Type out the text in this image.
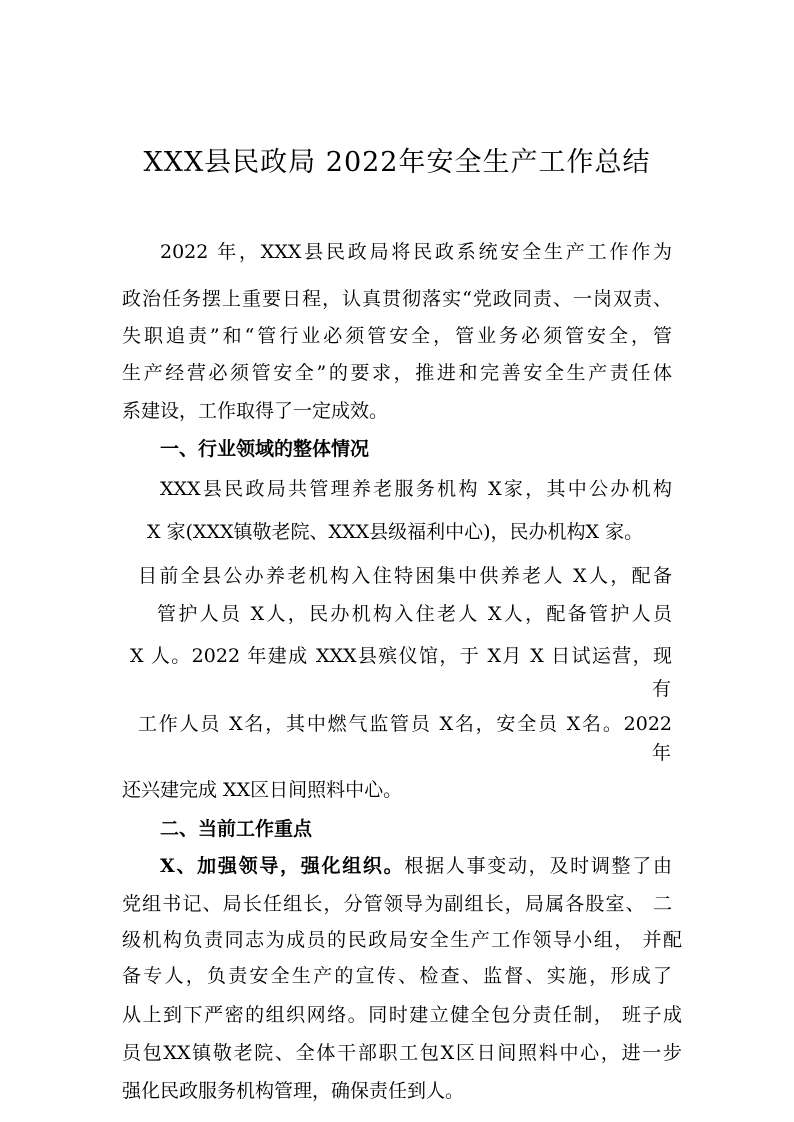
XXX县民政局 2022年安全生产工作总结
2022 年，XXX县民政局将民政系统安全生产工作作为
政治任务摆上重要日程，认真贯彻落实“党政同责、一岗双责、
失职追责”和“管行业必须管安全，管业务必须管安全，管
生产经营必须管安全”的要求，推进和完善安全生产责任体
系建设，工作取得了一定成效。
一、行业领域的整体情况
XXX县民政局共管理养老服务机构 X家，其中公办机构
X 家(XⅩⅩ镇敬老院、XXX县级福利中心)，民办机构X 家。
目前全县公办养老机构入住特困集中供养老人 X人，配备
管护人员 X人，民办机构入住老人 X人，配备管护人员
X 人。2022 年建成 XXX县殡仪馆，于 X月 X 日试运营，现
有
工作人员 X名，其中燃气监管员 X名，安全员 X名。2022
年
还兴建完成 XⅩ区日间照料中心。
二、当前工作重点
X、加强领导，强化组织。根据人事变动，及时调整了由
党组书记、局长任组长，分管领导为副组长，局属各股室、 二
级机构负责同志为成员的民政局安全生产工作领导小组， 并配
备专人，负责安全生产的宣传、检查、监督、实施，形成了
从上到下严密的组织网络。同时建立健全包分责任制， 班子成
员包XX镇敬老院、全体干部职工包X区日间照料中心，进一步
强化民政服务机构管理，确保责任到人。
